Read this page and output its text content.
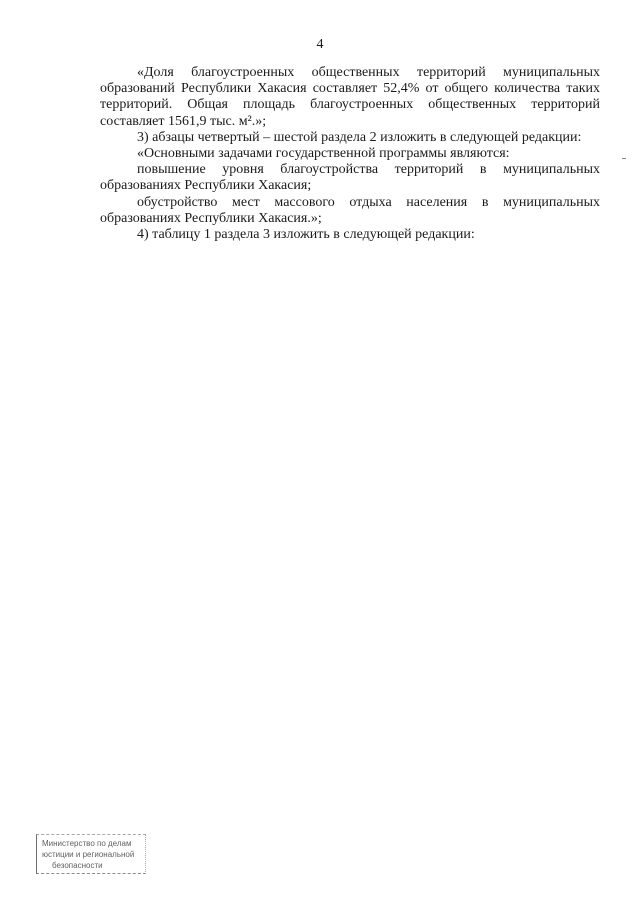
4

«Доля благоустроенных общественных территорий муниципальных образований Республики Хакасия составляет 52,4% от общего количества таких территорий. Общая площадь благоустроенных общественных территорий составляет 1561,9 тыс. м².»;

3) абзацы четвертый – шестой раздела 2 изложить в следующей редакции:

«Основными задачами государственной программы являются:

повышение уровня благоустройства территорий в муниципальных образованиях Республики Хакасия;

обустройство мест массового отдыха населения в муниципальных образованиях Республики Хакасия.»;

4) таблицу 1 раздела 3 изложить в следующей редакции:

Министерство по делам
юстиции и региональной
безопасности
